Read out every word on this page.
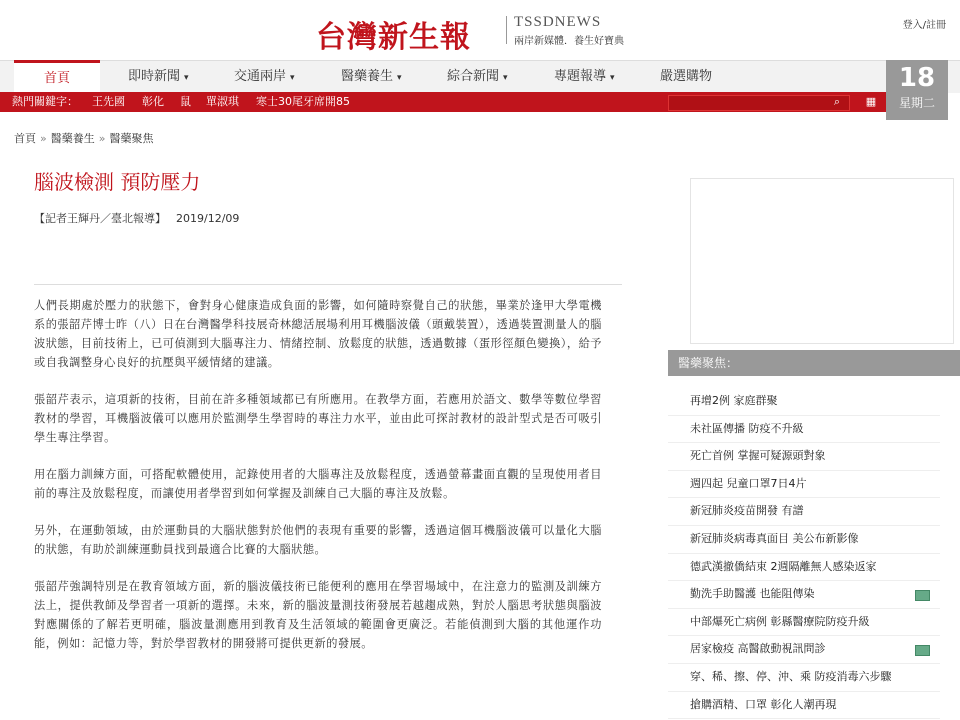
台灣新生報	TSSDNEWS
兩岸新媒體．養生好寶典
登入/註冊
首頁	即時新聞 ▾	交通兩岸 ▾	醫藥養生 ▾	綜合新聞 ▾	專題報導 ▾	嚴選購物	18
星期二
熱門關鍵字： 王先國 彰化 鼠 單淑琪 寒士30尾牙席開85	⌕	▦
首頁 » 醫藥養生 » 醫藥聚焦
腦波檢測 預防壓力
【記者王輝丹／臺北報導】 2019/12/09

人們長期處於壓力的狀態下，會對身心健康造成負面的影響，如何隨時察覺自己的狀態，畢業於逢甲大學電機系的張韶芹博士昨（八）日在台灣醫學科技展奇林總活展場利用耳機腦波儀（頭戴裝置），透過裝置測量人的腦波狀態，目前技術上，已可偵測到大腦專注力、情緒控制、放鬆度的狀態，透過數據（蛋形徑顏色變換），給予或自我調整身心良好的抗壓與平緩情緒的建議。

張韶芹表示，這項新的技術，目前在許多種領域都已有所應用。在教學方面，若應用於語文、數學等數位學習教材的學習，耳機腦波儀可以應用於監測學生學習時的專注力水平，並由此可探討教材的設計型式是否可吸引學生專注學習。

用在腦力訓練方面，可搭配軟體使用，記錄使用者的大腦專注及放鬆程度，透過螢幕畫面直觀的呈現使用者目前的專注及放鬆程度，而讓使用者學習到如何掌握及訓練自己大腦的專注及放鬆。

另外，在運動領域，由於運動員的大腦狀態對於他們的表現有重要的影響，透過這個耳機腦波儀可以量化大腦的狀態，有助於訓練運動員找到最適合比賽的大腦狀態。

張韶芹強調特別是在教育領域方面，新的腦波儀技術已能便利的應用在學習場域中，在注意力的監測及訓練方法上，提供教師及學習者一項新的選擇。未來，新的腦波量測技術發展若越趨成熟，對於人腦思考狀態與腦波對應關係的了解若更明確，腦波量測應用到教育及生活領域的範圍會更廣泛。若能偵測到大腦的其他運作功能，例如：記憶力等，對於學習教材的開發將可提供更新的發展。

醫藥聚焦：
再增2例 家庭群聚
未社區傳播 防疫不升級
死亡首例 掌握可疑源頭對象
週四起 兒童口罩7日4片
新冠肺炎疫苗開發 有譜
新冠肺炎病毒真面目 美公布新影像
德武漢撤僑結束 2週隔離無人感染返家
勤洗手助醫護 也能阻傳染
中部爆死亡病例 彰縣醫療院防疫升級
居家檢疫 高醫啟動視訊問診
穿、稀、擦、停、沖、乘 防疫消毒六步驟
搶購酒精、口罩 彰化人潮再現
